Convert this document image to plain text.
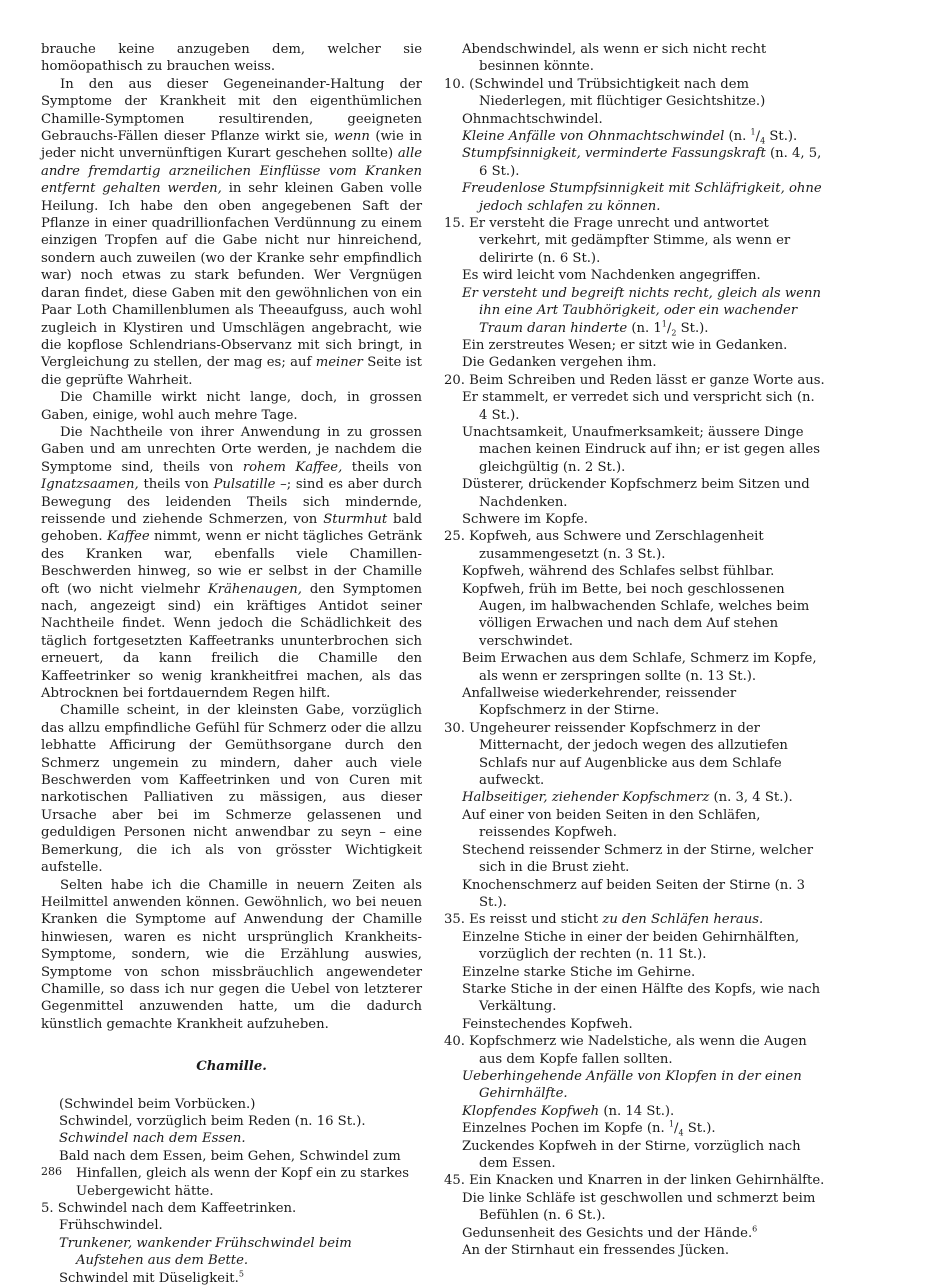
brauche keine anzugeben dem, welcher sie homöopathisch zu brauchen weiss.

In den aus dieser Gegeneinander-Haltung der Symptome der Krankheit mit den eigenthümlichen Chamille-Symptomen resultirenden, geeigneten Gebrauchs-Fällen dieser Pflanze wirkt sie, wenn (wie in jeder nicht unvernünftigen Kurart geschehen sollte) alle andre fremdartig arzneilichen Einflüsse vom Kranken entfernt gehalten werden, in sehr kleinen Gaben volle Heilung. Ich habe den oben angegebenen Saft der Pflanze in einer quadrillionfachen Verdünnung zu einem einzigen Tropfen auf die Gabe nicht nur hinreichend, sondern auch zuweilen (wo der Kranke sehr empfindlich war) noch etwas zu stark befunden. Wer Vergnügen daran findet, diese Gaben mit den gewöhnlichen von ein Paar Loth Chamillenblumen als Theeaufguss, auch wohl zugleich in Klystiren und Umschlägen angebracht, wie die kopflose Schlendrians-Observanz mit sich bringt, in Vergleichung zu stellen, der mag es; auf meiner Seite ist die geprüfte Wahrheit.

Die Chamille wirkt nicht lange, doch, in grossen Gaben, einige, wohl auch mehre Tage.

Die Nachtheile von ihrer Anwendung in zu grossen Gaben und am unrechten Orte werden, je nachdem die Symptome sind, theils von rohem Kaffee, theils von Ignatzsaamen, theils von Pulsatille –; sind es aber durch Bewegung des leidenden Theils sich mindernde, reissende und ziehende Schmerzen, von Sturmhut bald gehoben. Kaffee nimmt, wenn er nicht tägliches Getränk des Kranken war, ebenfalls viele Chamillen-Beschwerden hinweg, so wie er selbst in der Chamille oft (wo nicht vielmehr Krähenaugen, den Symptomen nach, angezeigt sind) ein kräftiges Antidot seiner Nachtheile findet. Wenn jedoch die Schädlichkeit des täglich fortgesetzten Kaffeetranks ununterbrochen sich erneuert, da kann freilich die Chamille den Kaffeetrinker so wenig krankheitfrei machen, als das Abtrocknen bei fortdauerndem Regen hilft.

Chamille scheint, in der kleinsten Gabe, vorzüglich das allzu empfindliche Gefühl für Schmerz oder die allzu lebhatte Afficirung der Gemüthsorgane durch den Schmerz ungemein zu mindern, daher auch viele Beschwerden vom Kaffeetrinken und von Curen mit narkotischen Palliativen zu mässigen, aus dieser Ursache aber bei im Schmerze gelassenen und geduldigen Personen nicht anwendbar zu seyn – eine Bemerkung, die ich als von grösster Wichtigkeit aufstelle.

Selten habe ich die Chamille in neuern Zeiten als Heilmittel anwenden können. Gewöhnlich, wo bei neuen Kranken die Symptome auf Anwendung der Chamille hinwiesen, waren es nicht ursprünglich Krankheits-Symptome, sondern, wie die Erzählung auswies, Symptome von schon missbräuchlich angewendeter Chamille, so dass ich nur gegen die Uebel von letzterer Gegenmittel anzuwenden hatte, um die dadurch künstlich gemachte Krankheit aufzuheben.

Chamille.

(Schwindel beim Vorbücken.)

Schwindel, vorzüglich beim Reden (n. 16 St.).

Schwindel nach dem Essen.

Bald nach dem Essen, beim Gehen, Schwindel zum Hinfallen, gleich als wenn der Kopf ein zu starkes Uebergewicht hätte.

5. Schwindel nach dem Kaffeetrinken.

Frühschwindel.

Trunkener, wankender Frühschwindel beim Aufstehen aus dem Bette.

Schwindel mit Düseligkeit.$^5$

Abendschwindel, als wenn er sich nicht recht besinnen könnte.

10. (Schwindel und Trübsichtigkeit nach dem Niederlegen, mit flüchtiger Gesichtshitze.)

Ohnmachtschwindel.

Kleine Anfälle von Ohnmachtschwindel (n. $^1/_4$ St.).

Stumpfsinnigkeit, verminderte Fassungskraft (n. 4, 5, 6 St.).

Freudenlose Stumpfsinnigkeit mit Schläfrigkeit, ohne jedoch schlafen zu können.

15. Er versteht die Frage unrecht und antwortet verkehrt, mit gedämpfter Stimme, als wenn er delirirte (n. 6 St.).

Es wird leicht vom Nachdenken angegriffen.

Er versteht und begreift nichts recht, gleich als wenn ihn eine Art Taubhörigkeit, oder ein wachender Traum daran hinderte (n. $1^1/_2$ St.).

Ein zerstreutes Wesen; er sitzt wie in Gedanken.

Die Gedanken vergehen ihm.

20. Beim Schreiben und Reden lässt er ganze Worte aus.

Er stammelt, er verredet sich und verspricht sich (n. 4 St.).

Unachtsamkeit, Unaufmerksamkeit; äussere Dinge machen keinen Eindruck auf ihn; er ist gegen alles gleichgültig (n. 2 St.).

Düsterer, drückender Kopfschmerz beim Sitzen und Nachdenken.

Schwere im Kopfe.

25. Kopfweh, aus Schwere und Zerschlagenheit zusammengesetzt (n. 3 St.).

Kopfweh, während des Schlafes selbst fühlbar.

Kopfweh, früh im Bette, bei noch geschlossenen Augen, im halbwachenden Schlafe, welches beim völligen Erwachen und nach dem Auf stehen verschwindet.

Beim Erwachen aus dem Schlafe, Schmerz im Kopfe, als wenn er zerspringen sollte (n. 13 St.).

Anfallweise wiederkehrender, reissender Kopfschmerz in der Stirne.

30. Ungeheurer reissender Kopfschmerz in der Mitternacht, der jedoch wegen des allzutiefen Schlafs nur auf Augenblicke aus dem Schlafe aufweckt.

Halbseitiger, ziehender Kopfschmerz (n. 3, 4 St.).

Auf einer von beiden Seiten in den Schläfen, reissendes Kopfweh.

Stechend reissender Schmerz in der Stirne, welcher sich in die Brust zieht.

Knochenschmerz auf beiden Seiten der Stirne (n. 3 St.).

35. Es reisst und sticht zu den Schläfen heraus.

Einzelne Stiche in einer der beiden Gehirnhälften, vorzüglich der rechten (n. 11 St.).

Einzelne starke Stiche im Gehirne.

Starke Stiche in der einen Hälfte des Kopfs, wie nach Verkältung.

Feinstechendes Kopfweh.

40. Kopfschmerz wie Nadelstiche, als wenn die Augen aus dem Kopfe fallen sollten.

Ueberhingehende Anfälle von Klopfen in der einen Gehirnhälfte.

Klopfendes Kopfweh (n. 14 St.).

Einzelnes Pochen im Kopfe (n. $^1/_4$ St.).

Zuckendes Kopfweh in der Stirne, vorzüglich nach dem Essen.

45. Ein Knacken und Knarren in der linken Gehirnhälfte.

Die linke Schläfe ist geschwollen und schmerzt beim Befühlen (n. 6 St.).

Gedunsenheit des Gesichts und der Hände.$^6$

An der Stirnhaut ein fressendes Jücken.

286
